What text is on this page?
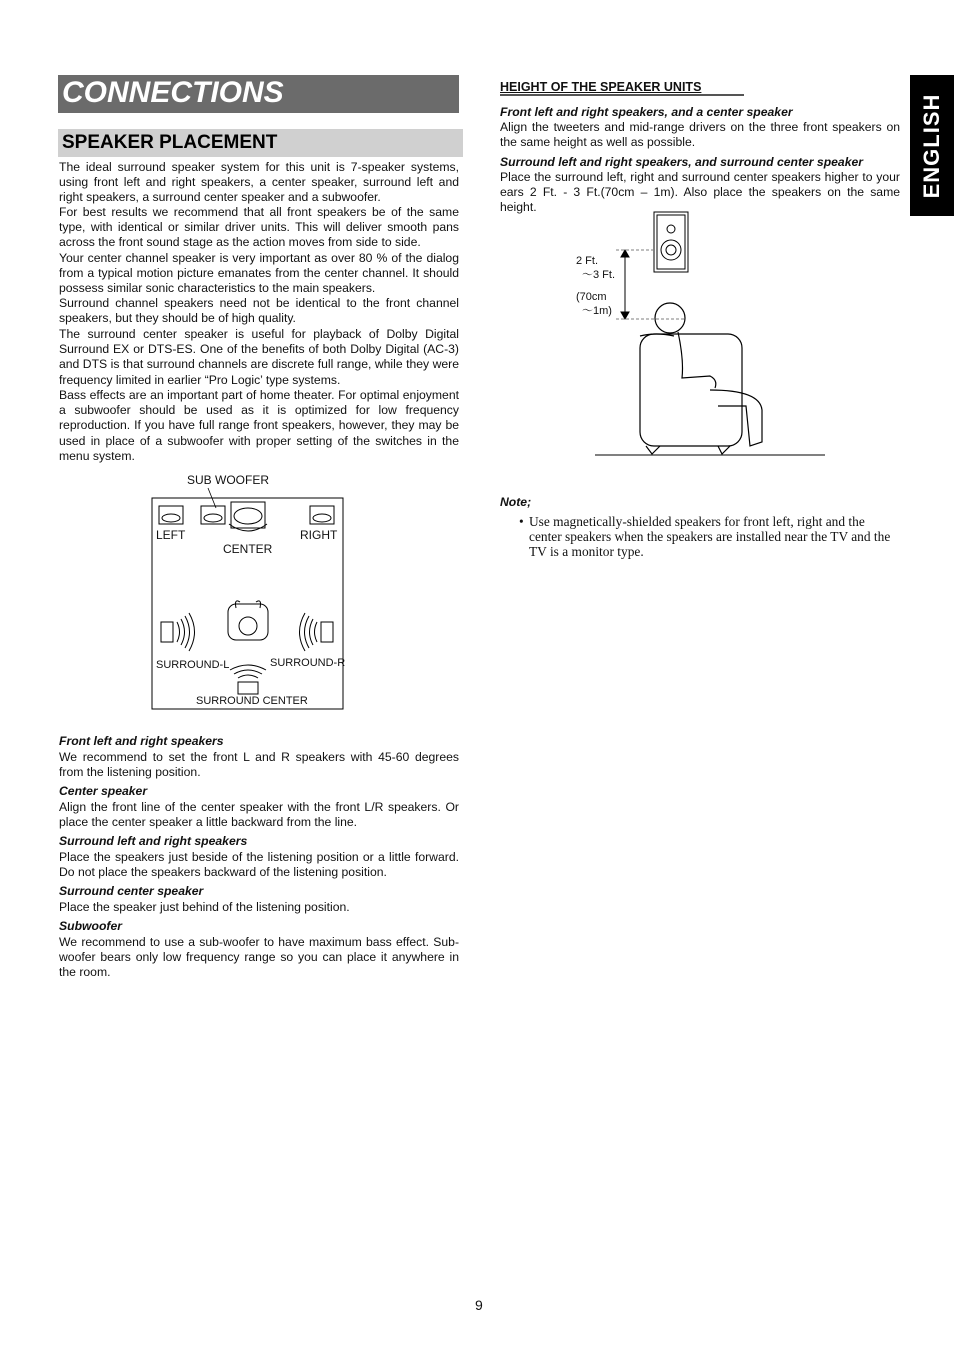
CONNECTIONS
SPEAKER PLACEMENT	ENGLISH
The ideal surround speaker system for this unit is 7-speaker systems, using front left and right speakers, a center speaker, surround left and right speakers, a surround center speaker and a subwoofer.
For best results we recommend that all front speakers be of the same type, with identical or similar driver units. This will deliver smooth pans across the front sound stage as the action moves from side to side.
Your center channel speaker is very important as over 80 % of the dialog from a typical motion picture emanates from the center channel. It should possess similar sonic characteristics to the main speakers.
Surround channel speakers need not be identical to the front channel speakers, but they should be of high quality.
The surround center speaker is useful for playback of Dolby Digital Surround EX or DTS-ES. One of the benefits of both Dolby Digital (AC-3) and DTS is that surround channels are discrete full range, while they were frequency limited in earlier “Pro Logic’ type systems.
Bass effects are an important part of home theater. For optimal enjoyment a subwoofer should be used as it is optimized for low frequency reproduction. If you have full range front speakers, however, they may be used in place of a subwoofer with proper setting of the switches in the menu system.
SUB WOOFER
LEFT
CENTER
RIGHT
SURROUND-L	SURROUND-R
SURROUND CENTER
Front left and right speakers
We recommend to set the front L and R speakers with 45-60 degrees from the listening position.
Center speaker
Align the front line of the center speaker with the front L/R speakers. Or place the center speaker a little backward from the line.
Surround left and right speakers
Place the speakers just beside of the listening position or a little forward. Do not place the speakers backward of the listening position.
Surround center speaker
Place the speaker just behind of the listening position.
Subwoofer
We recommend to use a sub-woofer to have maximum bass effect. Sub-woofer bears only low frequency range so you can place it anywhere in the room.
HEIGHT OF THE SPEAKER UNITS
Front left and right speakers, and a center speaker
Align the tweeters and mid-range drivers on the three front speakers on the same height as well as possible.
Surround left and right speakers, and surround center speaker
Place the surround left, right and surround center speakers higher to your ears 2 Ft. - 3 Ft.(70cm – 1m). Also place the speakers on the same height.
2 Ft.
〜3 Ft.
(70cm
〜1m)
Note;
• Use magnetically-shielded speakers for front left, right and the center speakers when the speakers are installed near the TV and the TV is a monitor type.
9
